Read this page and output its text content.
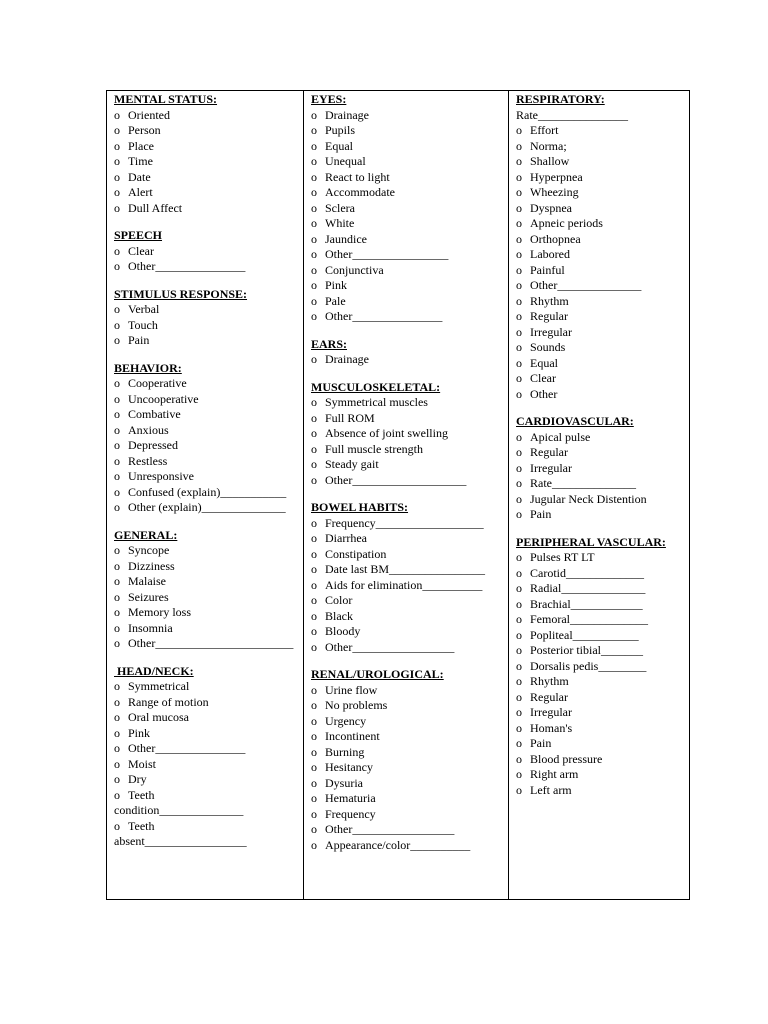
MENTAL STATUS:
o Oriented
o Person
o Place
o Time
o Date
o Alert
o Dull Affect
SPEECH
o Clear
o Other_______________
STIMULUS RESPONSE:
o Verbal
o Touch
o Pain
BEHAVIOR:
o Cooperative
o Uncooperative
o Combative
o Anxious
o Depressed
o Restless
o Unresponsive
o Confused (explain)___________
o Other (explain)______________
GENERAL:
o Syncope
o Dizziness
o Malaise
o Seizures
o Memory loss
o Insomnia
o Other_______________________
HEAD/NECK:
o Symmetrical
o Range of motion
o Oral mucosa
o Pink
o Other_______________
o Moist
o Dry
o Teeth
condition______________
o Teeth
absent_________________
EYES:
o Drainage
o Pupils
o Equal
o Unequal
o React to light
o Accommodate
o Sclera
o White
o Jaundice
o Other________________
o Conjunctiva
o Pink
o Pale
o Other_______________
EARS:
o Drainage
MUSCULOSKELETAL:
o Symmetrical muscles
o Full ROM
o Absence of joint swelling
o Full muscle strength
o Steady gait
o Other___________________
BOWEL HABITS:
o Frequency__________________
o Diarrhea
o Constipation
o Date last BM________________
o Aids for elimination__________
o Color
o Black
o Bloody
o Other_________________
RENAL/UROLOGICAL:
o Urine flow
o No problems
o Urgency
o Incontinent
o Burning
o Hesitancy
o Dysuria
o Hematuria
o Frequency
o Other_________________
o Appearance/color__________
RESPIRATORY:
Rate_______________
o Effort
o Norma;
o Shallow
o Hyperpnea
o Wheezing
o Dyspnea
o Apneic periods
o Orthopnea
o Labored
o Painful
o Other______________
o Rhythm
o Regular
o Irregular
o Sounds
o Equal
o Clear
o Other
CARDIOVASCULAR:
o Apical pulse
o Regular
o Irregular
o Rate______________
o Jugular Neck Distention
o Pain
PERIPHERAL VASCULAR:
o Pulses RT LT
o Carotid_____________
o Radial______________
o Brachial____________
o Femoral_____________
o Popliteal___________
o Posterior tibial_______
o Dorsalis pedis________
o Rhythm
o Regular
o Irregular
o Homan's
o Pain
o Blood pressure
o Right arm
o Left arm
